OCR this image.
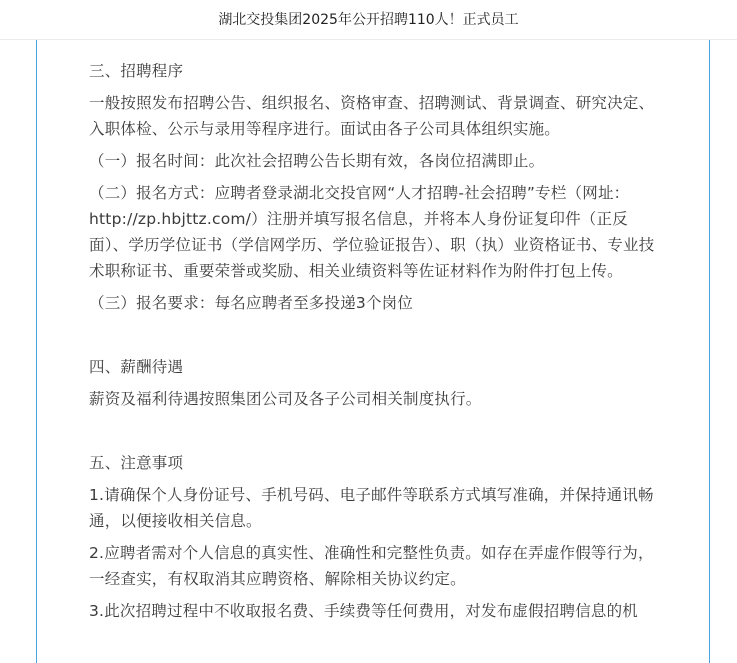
湖北交投集团2025年公开招聘110人！正式员工

三、招聘程序

一般按照发布招聘公告、组织报名、资格审查、招聘测试、背景调查、研究决定、入职体检、公示与录用等程序进行。面试由各子公司具体组织实施。

（一）报名时间：此次社会招聘公告长期有效，各岗位招满即止。

（二）报名方式：应聘者登录湖北交投官网“人才招聘-社会招聘”专栏（网址：http://zp.hbjttz.com/）注册并填写报名信息，并将本人身份证复印件（正反面）、学历学位证书（学信网学历、学位验证报告）、职（执）业资格证书、专业技术职称证书、重要荣誉或奖励、相关业绩资料等佐证材料作为附件打包上传。

（三）报名要求：每名应聘者至多投递3个岗位

四、薪酬待遇

薪资及福利待遇按照集团公司及各子公司相关制度执行。

五、注意事项

1.请确保个人身份证号、手机号码、电子邮件等联系方式填写准确，并保持通讯畅通，以便接收相关信息。

2.应聘者需对个人信息的真实性、准确性和完整性负责。如存在弄虚作假等行为，一经查实，有权取消其应聘资格、解除相关协议约定。

3.此次招聘过程中不收取报名费、手续费等任何费用，对发布虚假招聘信息的机
